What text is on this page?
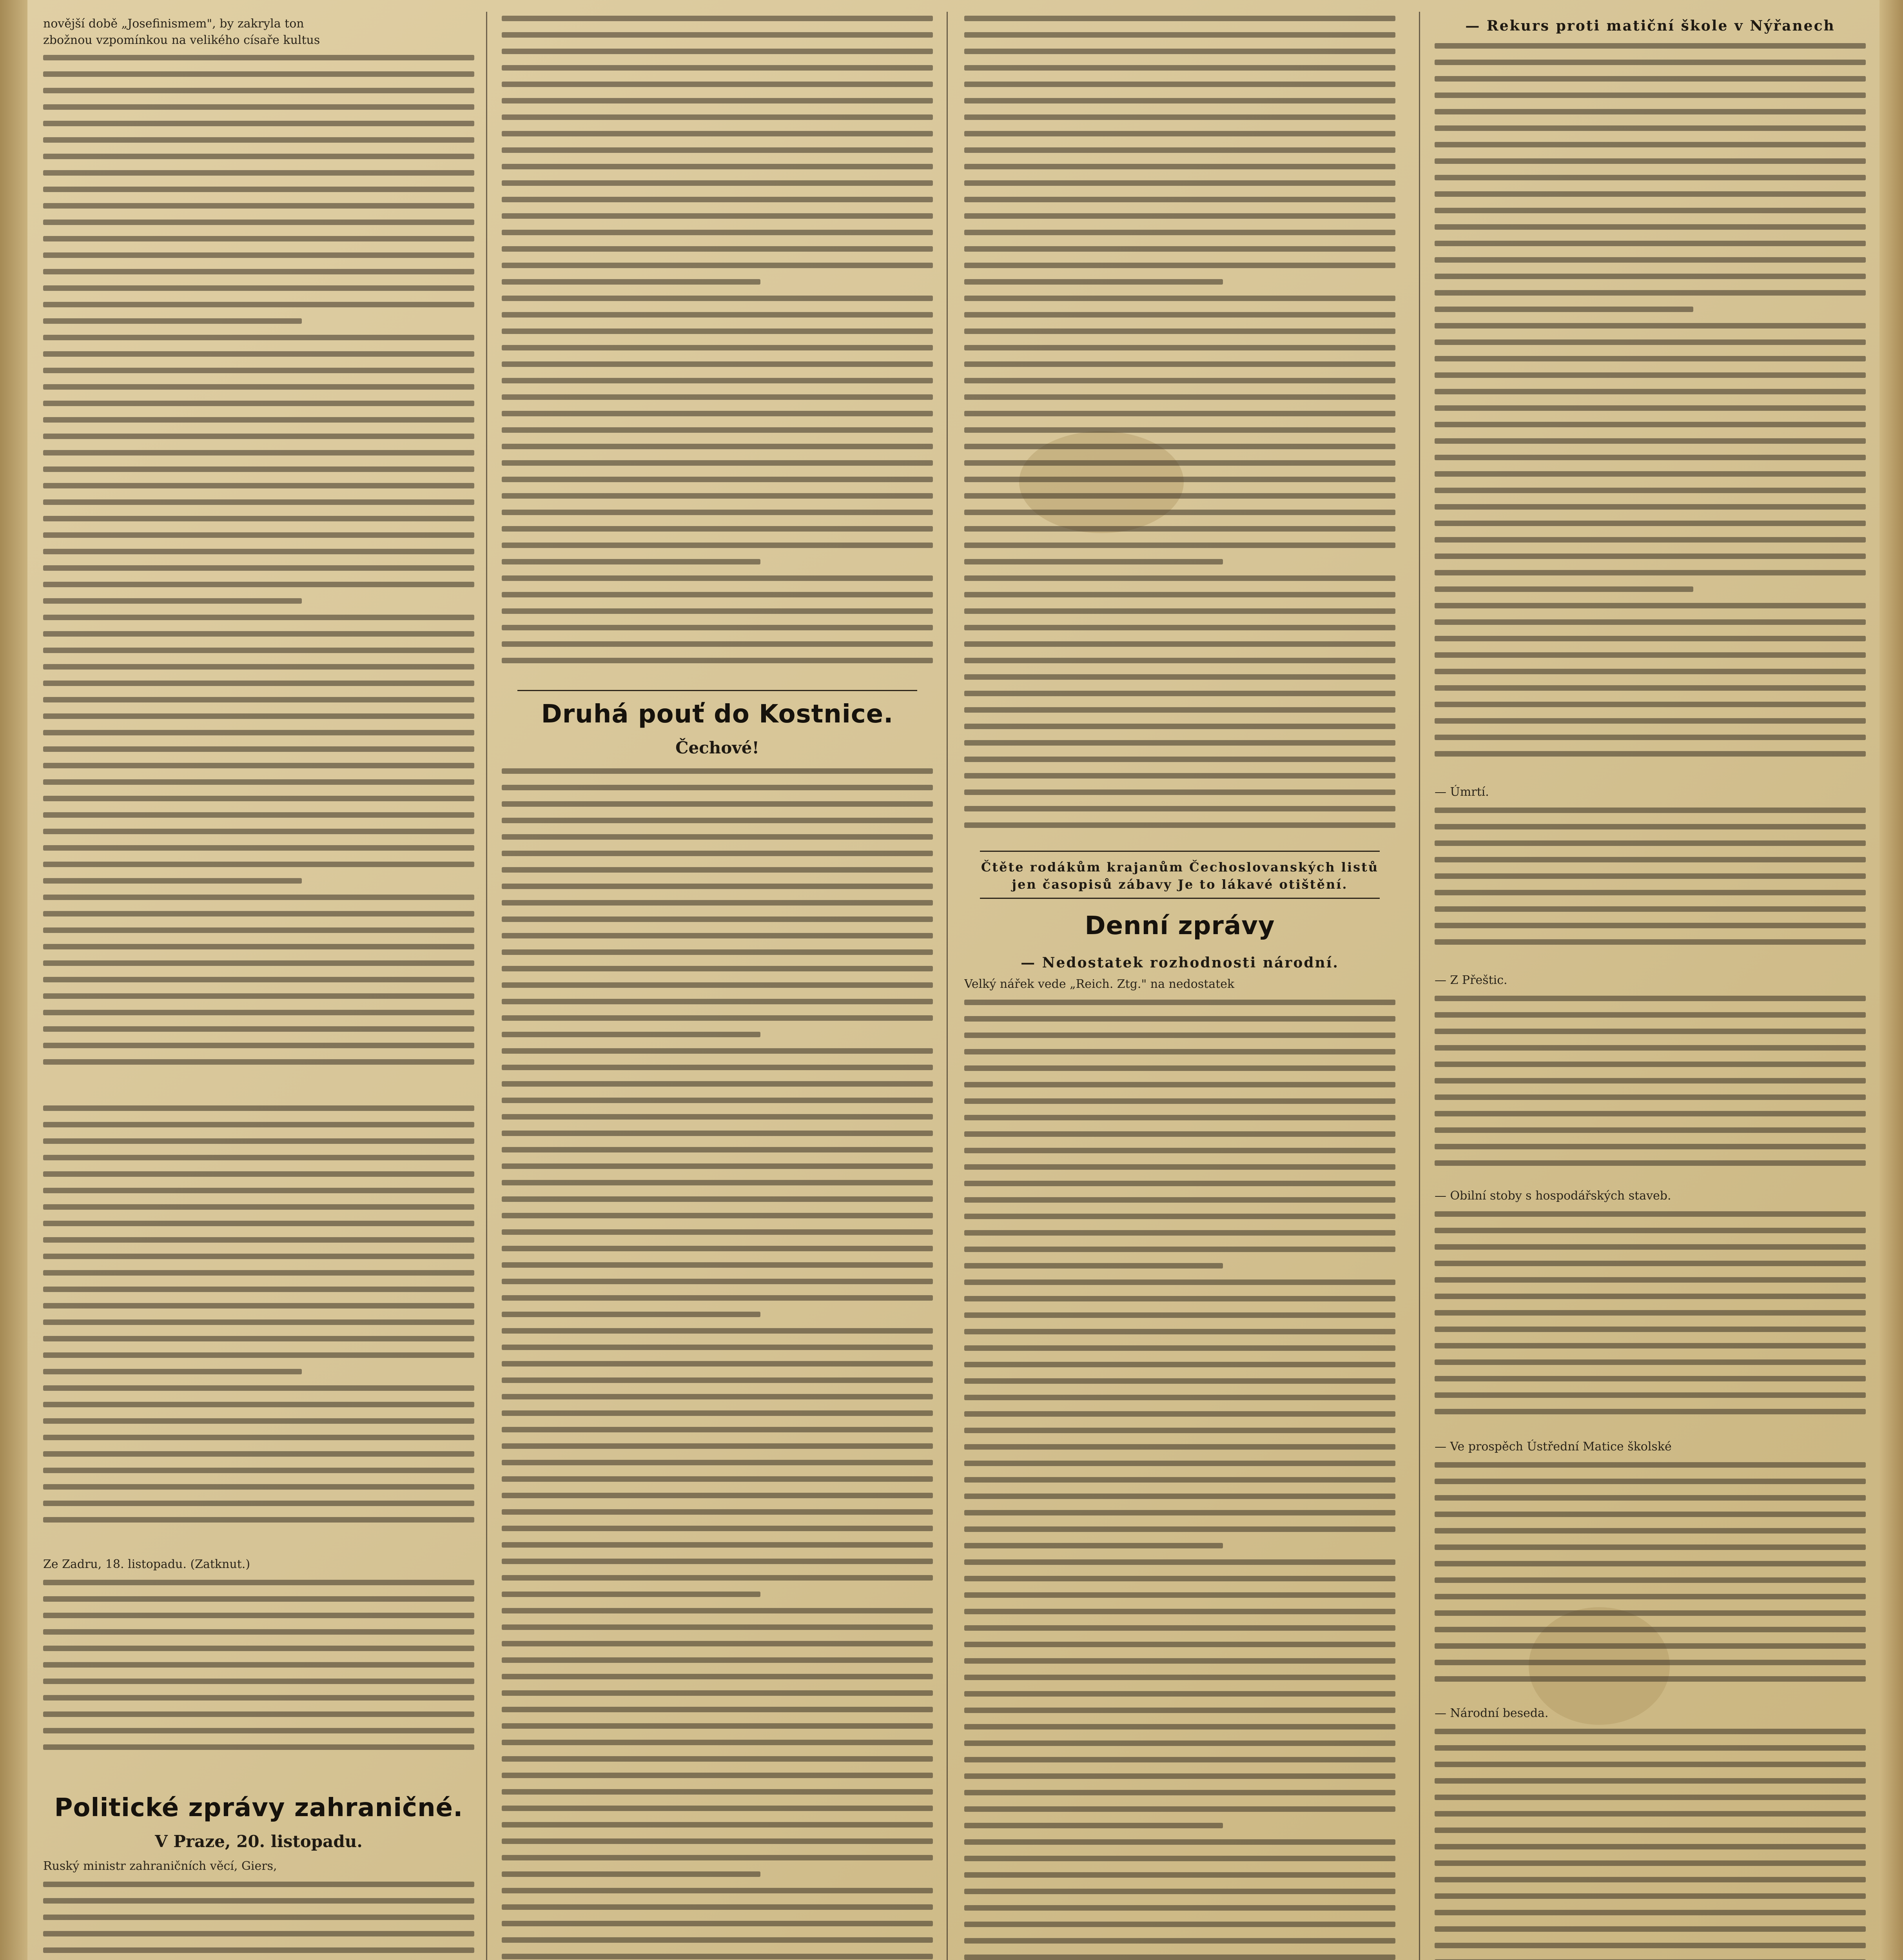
novější době „Josefinismem", by zakryla ton
zbožnou vzpomínkou na velikého císaře kultus
Ze Zadru, 18. listopadu. (Zatknut.)
Politické zprávy zahraničné.
V Praze, 20. listopadu.
Ruský ministr zahraničních věcí, Giers,
Druhá pouť do Kostnice.
Čechové!
Čtěte rodákům krajanům Čechoslovanských listů jen časopisů zábavy Je to lákavé otištění.
Denní zprávy
— Nedostatek rozhodnosti národní.
Velký nářek vede „Reich. Ztg." na nedostatek
— Rekurs proti matiční škole v Nýřanech
— Úmrtí.
— Z Přeštic.
— Obilní stoby s hospodářských staveb.
— Ve prospěch Ústřední Matice školské
— Národní beseda.
